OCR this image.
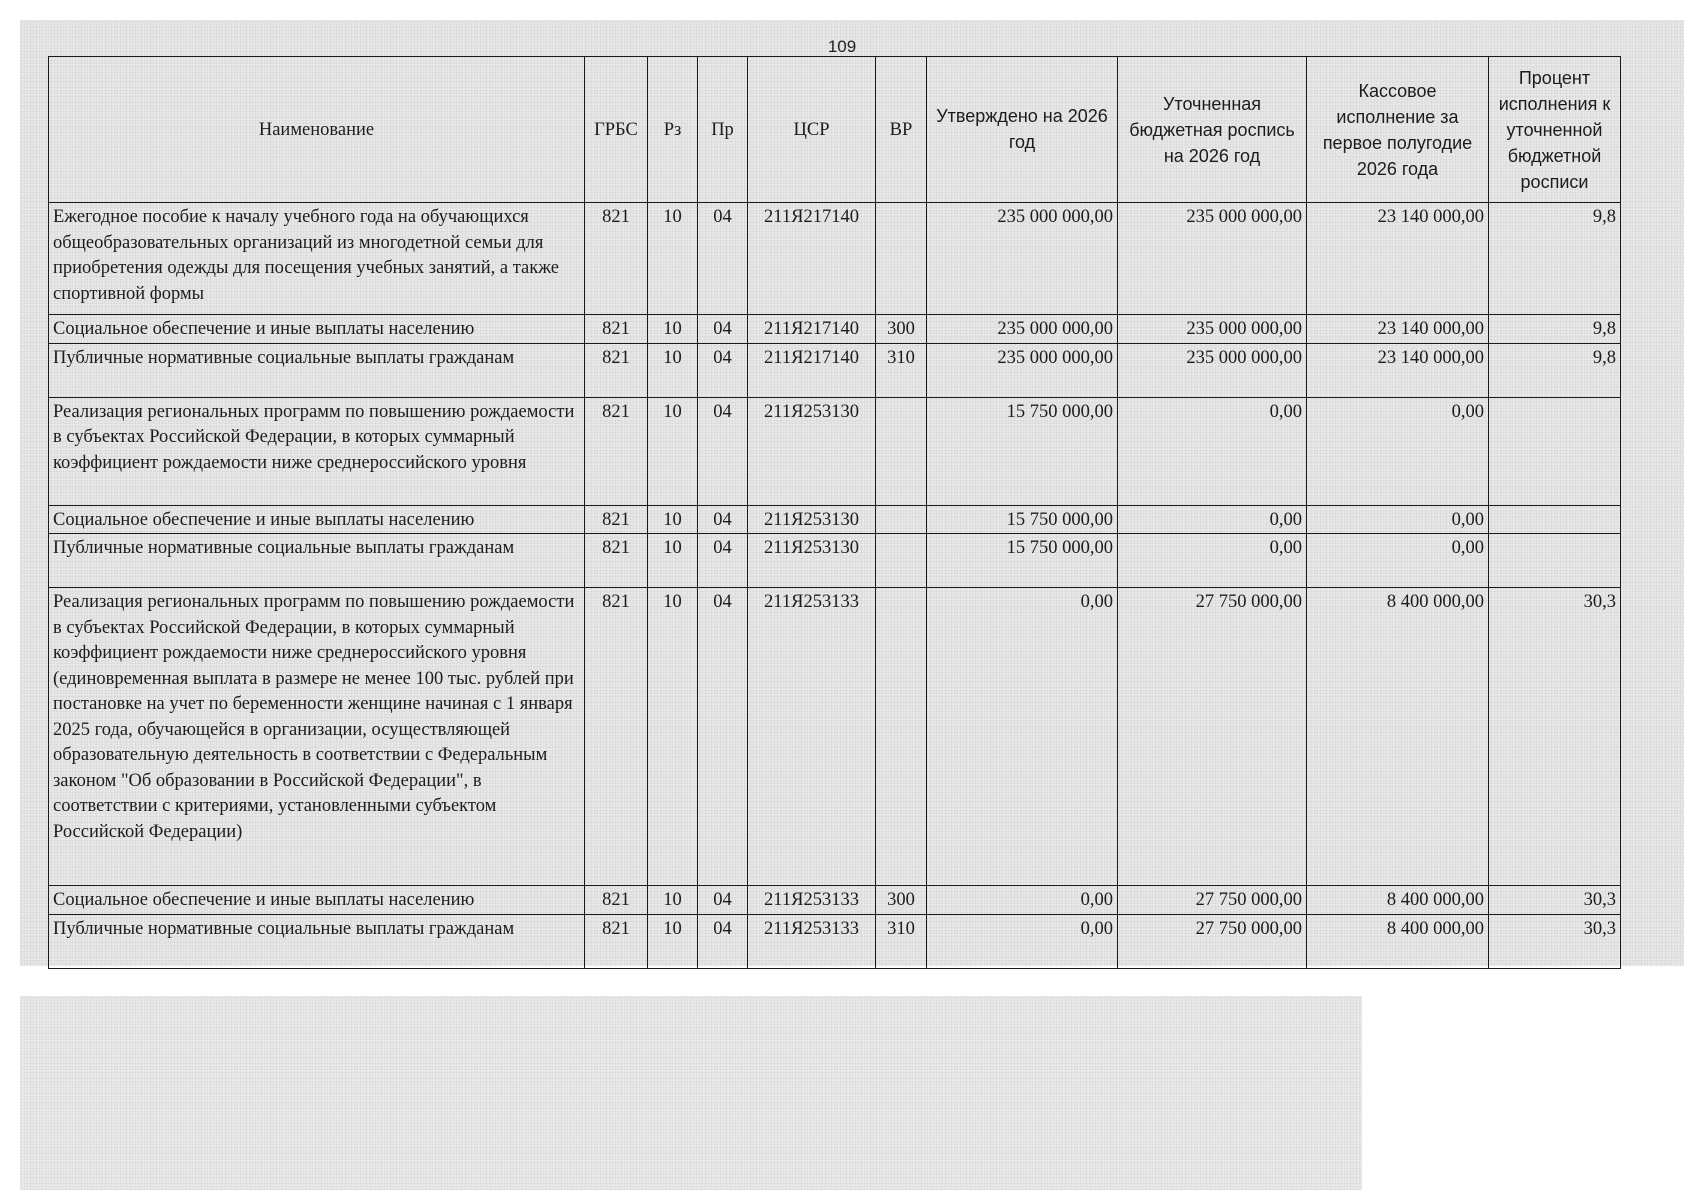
109
Наименование	ГРБС	Рз	Пр	ЦСР	ВР	Утверждено на 2026 год	Уточненная бюджетная роспись на 2026 год	Кассовое исполнение за первое полугодие 2026 года	Процент исполнения к уточненной бюджетной росписи
Ежегодное пособие к началу учебного года на обучающихся общеобразовательных организаций из многодетной семьи для приобретения одежды для посещения учебных занятий, а также спортивной формы	821	10	04	211Я217140		235 000 000,00	235 000 000,00	23 140 000,00	9,8
Социальное обеспечение и иные выплаты населению	821	10	04	211Я217140	300	235 000 000,00	235 000 000,00	23 140 000,00	9,8
Публичные нормативные социальные выплаты гражданам	821	10	04	211Я217140	310	235 000 000,00	235 000 000,00	23 140 000,00	9,8
Реализация региональных программ по повышению рождаемости в субъектах Российской Федерации, в которых суммарный коэффициент рождаемости ниже среднероссийского уровня	821	10	04	211Я253130		15 750 000,00	0,00	0,00	
Социальное обеспечение и иные выплаты населению	821	10	04	211Я253130		15 750 000,00	0,00	0,00	
Публичные нормативные социальные выплаты гражданам	821	10	04	211Я253130		15 750 000,00	0,00	0,00	
Реализация региональных программ по повышению рождаемости в субъектах Российской Федерации, в которых суммарный коэффициент рождаемости ниже среднероссийского уровня (единовременная выплата в размере не менее 100 тыс. рублей при постановке на учет по беременности женщине начиная с 1 января 2025 года, обучающейся в организации, осуществляющей образовательную деятельность в соответствии с Федеральным законом "Об образовании в Российской Федерации", в соответствии с критериями, установленными субъектом Российской Федерации)	821	10	04	211Я253133		0,00	27 750 000,00	8 400 000,00	30,3
Социальное обеспечение и иные выплаты населению	821	10	04	211Я253133	300	0,00	27 750 000,00	8 400 000,00	30,3
Публичные нормативные социальные выплаты гражданам	821	10	04	211Я253133	310	0,00	27 750 000,00	8 400 000,00	30,3
